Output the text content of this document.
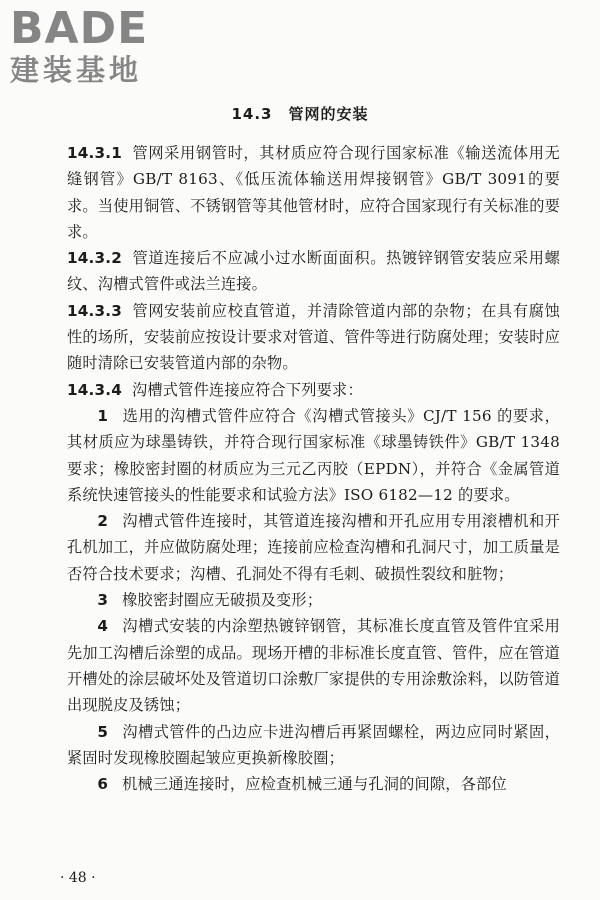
BADE
建装基地
14.3　管网的安装

14.3.1 管网采用钢管时，其材质应符合现行国家标准《输送流体用无缝钢管》GB/T 8163、《低压流体输送用焊接钢管》GB/T 3091的要求。当使用铜管、不锈钢管等其他管材时，应符合国家现行有关标准的要求。

14.3.2 管道连接后不应减小过水断面面积。热镀锌钢管安装应采用螺纹、沟槽式管件或法兰连接。

14.3.3 管网安装前应校直管道，并清除管道内部的杂物；在具有腐蚀性的场所，安装前应按设计要求对管道、管件等进行防腐处理；安装时应随时清除已安装管道内部的杂物。

14.3.4 沟槽式管件连接应符合下列要求：

1 选用的沟槽式管件应符合《沟槽式管接头》CJ/T 156 的要求，其材质应为球墨铸铁，并符合现行国家标准《球墨铸铁件》GB/T 1348要求；橡胶密封圈的材质应为三元乙丙胶（EPDN），并符合《金属管道系统快速管接头的性能要求和试验方法》ISO 6182—12 的要求。

2 沟槽式管件连接时，其管道连接沟槽和开孔应用专用滚槽机和开孔机加工，并应做防腐处理；连接前应检查沟槽和孔洞尺寸，加工质量是否符合技术要求；沟槽、孔洞处不得有毛刺、破损性裂纹和脏物；

3 橡胶密封圈应无破损及变形；

4 沟槽式安装的内涂塑热镀锌钢管，其标准长度直管及管件宜采用先加工沟槽后涂塑的成品。现场开槽的非标准长度直管、管件，应在管道开槽处的涂层破坏处及管道切口涂敷厂家提供的专用涂敷涂料，以防管道出现脱皮及锈蚀；

5 沟槽式管件的凸边应卡进沟槽后再紧固螺栓，两边应同时紧固，紧固时发现橡胶圈起皱应更换新橡胶圈；

6 机械三通连接时，应检查机械三通与孔洞的间隙，各部位

· 48 ·
